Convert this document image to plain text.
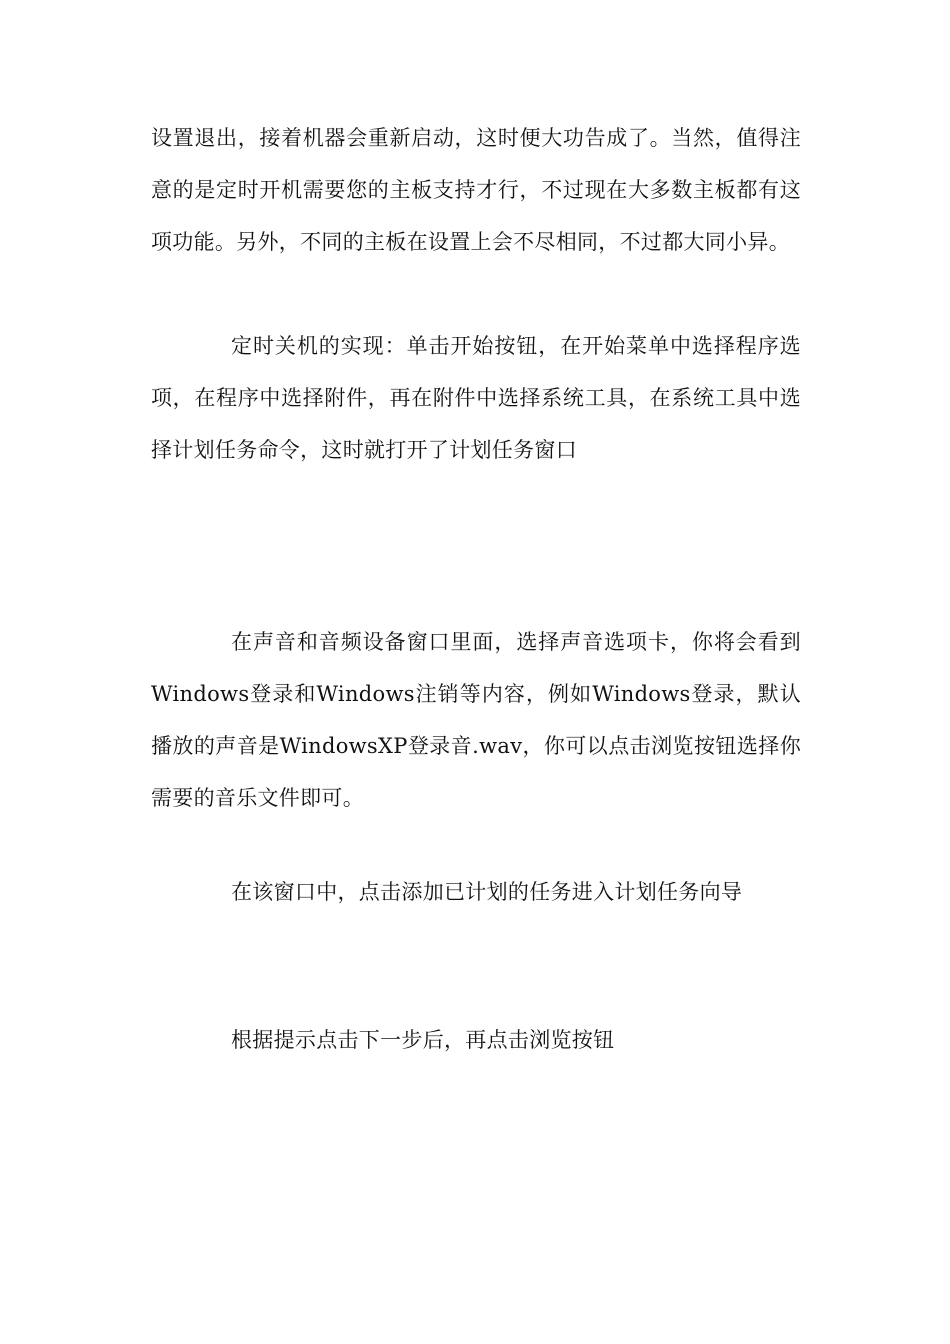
设置退出，接着机器会重新启动，这时便大功告成了。当然，值得注意的是定时开机需要您的主板支持才行，不过现在大多数主板都有这项功能。另外，不同的主板在设置上会不尽相同，不过都大同小异。

定时关机的实现：单击开始按钮，在开始菜单中选择程序选项，在程序中选择附件，再在附件中选择系统工具，在系统工具中选择计划任务命令，这时就打开了计划任务窗口

在声音和音频设备窗口里面，选择声音选项卡，你将会看到Windows登录和Windows注销等内容，例如Windows登录，默认播放的声音是WindowsXP登录音.wav，你可以点击浏览按钮选择你需要的音乐文件即可。

在该窗口中，点击添加已计划的任务进入计划任务向导

根据提示点击下一步后，再点击浏览按钮
